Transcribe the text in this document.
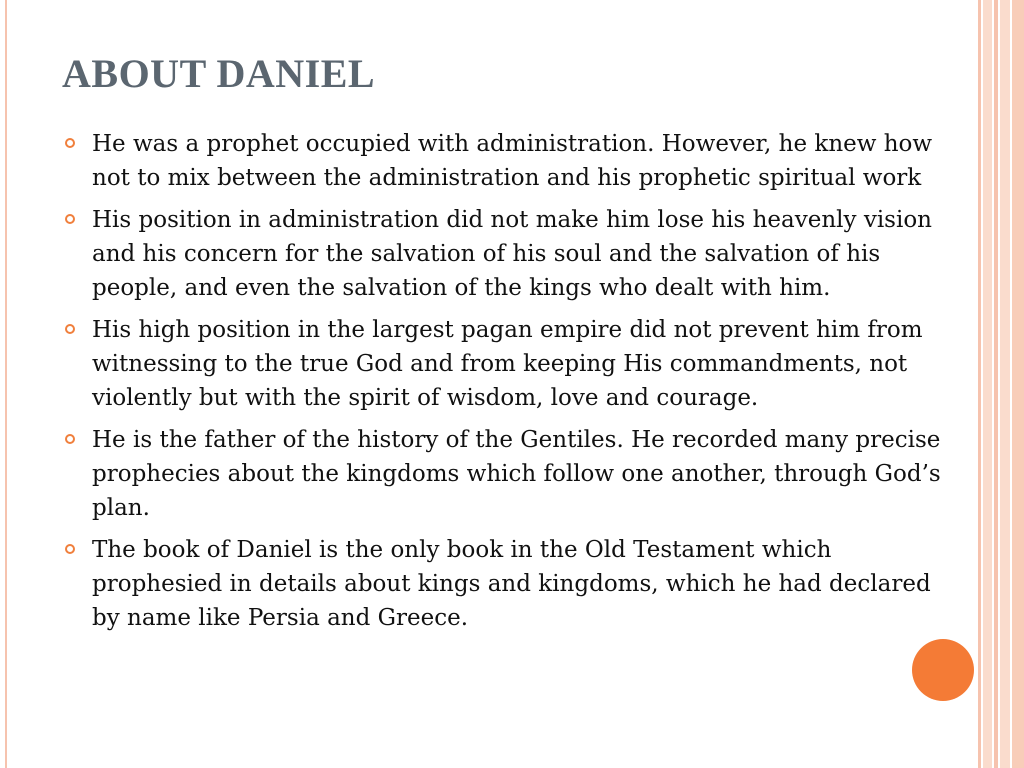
ABOUT DANIEL
He was a prophet occupied with administration. However, he knew how not to mix between the administration and his prophetic spiritual work
His position in administration did not make him lose his heavenly vision and his concern for the salvation of his soul and the salvation of his people, and even the salvation of the kings who dealt with him.
His high position in the largest pagan empire did not prevent him from witnessing to the true God and from keeping His commandments, not violently but with the spirit of wisdom, love and courage.
He is the father of the history of the Gentiles. He recorded many precise prophecies about the kingdoms which follow one another, through God’s plan.
The book of Daniel is the only book in the Old Testament which prophesied in details about kings and kingdoms, which he had declared by name like Persia and Greece.
